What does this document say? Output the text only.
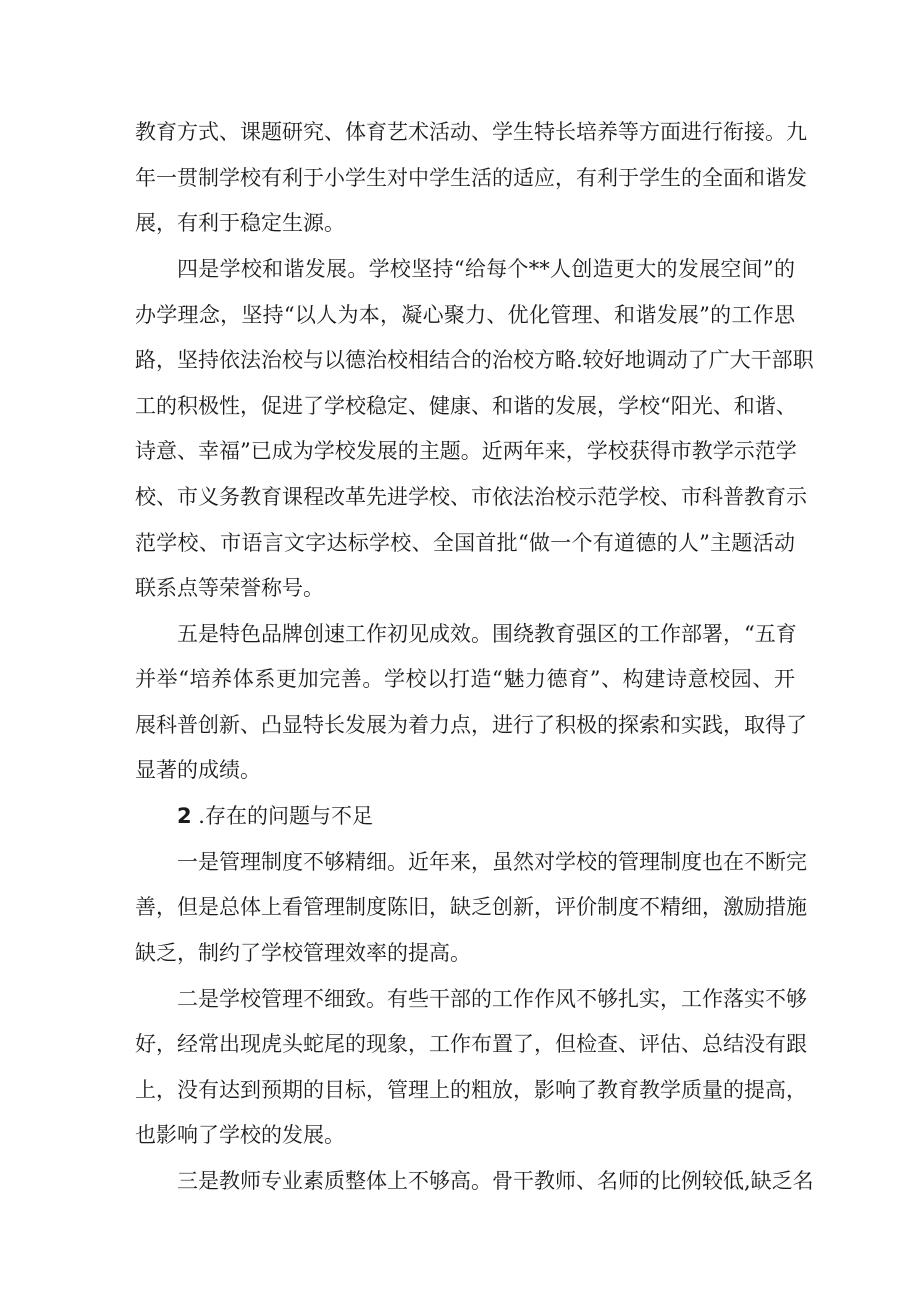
教育方式、课题研究、体育艺术活动、学生特长培养等方面进行衔接。九
年一贯制学校有利于小学生对中学生活的适应，有利于学生的全面和谐发
展，有利于稳定生源。
四是学校和谐发展。学校坚持“给每个**人创造更大的发展空间”的
办学理念，坚持“以人为本，凝心聚力、优化管理、和谐发展”的工作思
路，坚持依法治校与以德治校相结合的治校方略.较好地调动了广大干部职
工的积极性，促进了学校稳定、健康、和谐的发展，学校“阳光、和谐、
诗意、幸福”已成为学校发展的主题。近两年来，学校获得市教学示范学
校、市义务教育课程改革先进学校、市依法治校示范学校、市科普教育示
范学校、市语言文字达标学校、全国首批“做一个有道德的人”主题活动
联系点等荣誉称号。
五是特色品牌创速工作初见成效。围绕教育强区的工作部署，“五育
并举“培养体系更加完善。学校以打造“魅力德育”、构建诗意校园、开
展科普创新、凸显特长发展为着力点，进行了积极的探索和实践，取得了
显著的成绩。
2 .存在的问题与不足
一是管理制度不够精细。近年来，虽然对学校的管理制度也在不断完
善，但是总体上看管理制度陈旧，缺乏创新，评价制度不精细，激励措施
缺乏，制约了学校管理效率的提高。
二是学校管理不细致。有些干部的工作作风不够扎实，工作落实不够
好，经常出现虎头蛇尾的现象，工作布置了，但检查、评估、总结没有跟
上，没有达到预期的目标，管理上的粗放，影响了教育教学质量的提高，
也影响了学校的发展。
三是教师专业素质整体上不够高。骨干教师、名师的比例较低,缺乏名
